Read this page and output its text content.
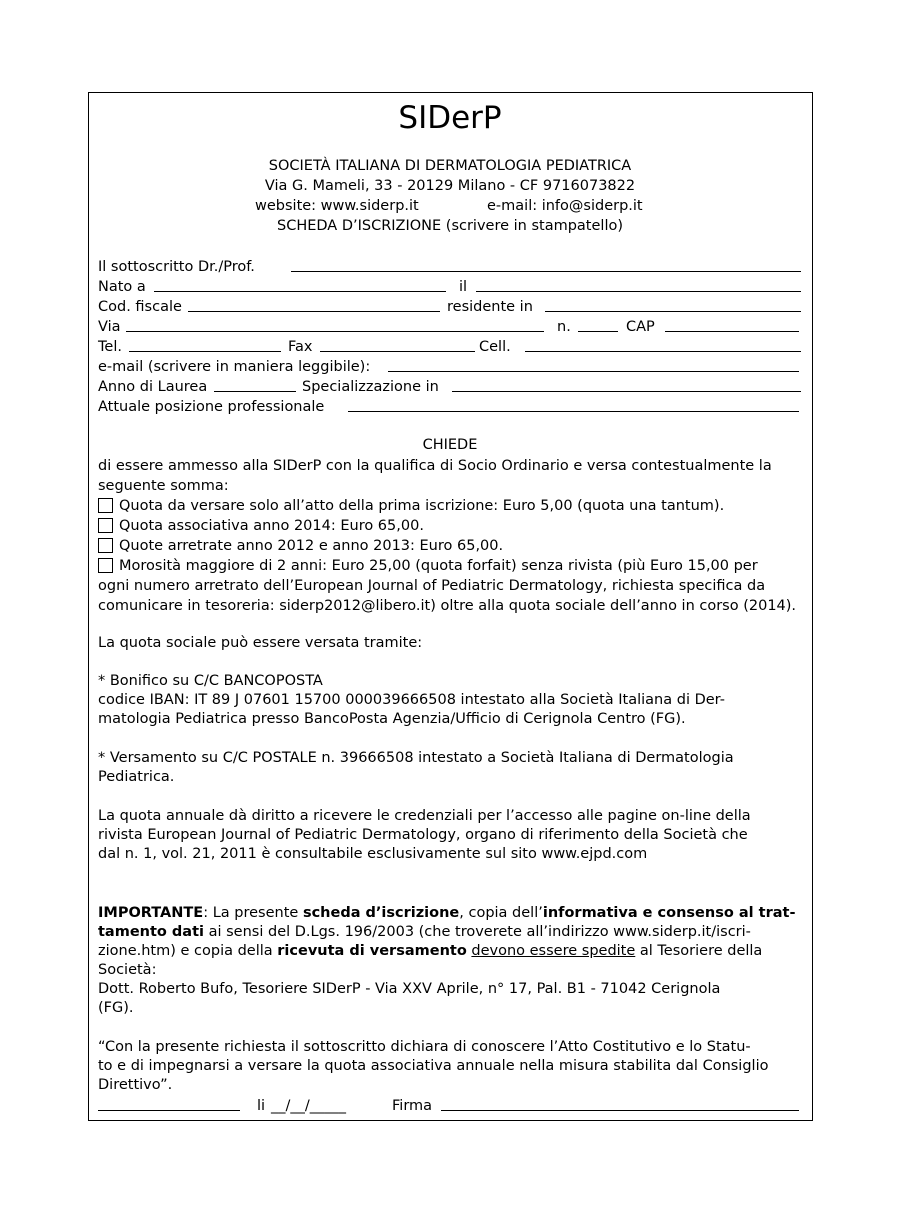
SIDerP
SOCIETÀ ITALIANA DI DERMATOLOGIA PEDIATRICA
Via G. Mameli, 33 - 20129 Milano - CF 9716073822
website: www.siderp.it	e-mail: info@siderp.it
SCHEDA D’ISCRIZIONE (scrivere in stampatello)
Il sottoscritto Dr./Prof.
Nato a	il
Cod. fiscale	residente in
Via	n.	CAP
Tel.	Fax	Cell.
e-mail (scrivere in maniera leggibile):
Anno di Laurea	Specializzazione in
Attuale posizione professionale
CHIEDE
di essere ammesso alla SIDerP con la qualifica di Socio Ordinario e versa contestualmente la
seguente somma:
Quota da versare solo all’atto della prima iscrizione: Euro 5,00 (quota una tantum).
Quota associativa anno 2014: Euro 65,00.
Quote arretrate anno 2012 e anno 2013: Euro 65,00.
Morosità maggiore di 2 anni: Euro 25,00 (quota forfait) senza rivista (più Euro 15,00 per
ogni numero arretrato dell’European Journal of Pediatric Dermatology, richiesta specifica da
comunicare in tesoreria: siderp2012@libero.it) oltre alla quota sociale dell’anno in corso (2014).
La quota sociale può essere versata tramite:
* Bonifico su C/C BANCOPOSTA
codice IBAN: IT 89 J 07601 15700 000039666508 intestato alla Società Italiana di Der-
matologia Pediatrica presso BancoPosta Agenzia/Ufficio di Cerignola Centro (FG).
* Versamento su C/C POSTALE n. 39666508 intestato a Società Italiana di Dermatologia
Pediatrica.
La quota annuale dà diritto a ricevere le credenziali per l’accesso alle pagine on-line della
rivista European Journal of Pediatric Dermatology, organo di riferimento della Società che
dal n. 1, vol. 21, 2011 è consultabile esclusivamente sul sito www.ejpd.com
IMPORTANTE: La presente scheda d’iscrizione, copia dell’informativa e consenso al trat-
tamento dati ai sensi del D.Lgs. 196/2003 (che troverete all’indirizzo www.siderp.it/iscri-
zione.htm) e copia della ricevuta di versamento devono essere spedite al Tesoriere della
Società:
Dott. Roberto Bufo, Tesoriere SIDerP - Via XXV Aprile, n° 17, Pal. B1 - 71042 Cerignola
(FG).
“Con la presente richiesta il sottoscritto dichiara di conoscere l’Atto Costitutivo e lo Statu-
to e di impegnarsi a versare la quota associativa annuale nella misura stabilita dal Consiglio
Direttivo”.
li __/__/_____	Firma
